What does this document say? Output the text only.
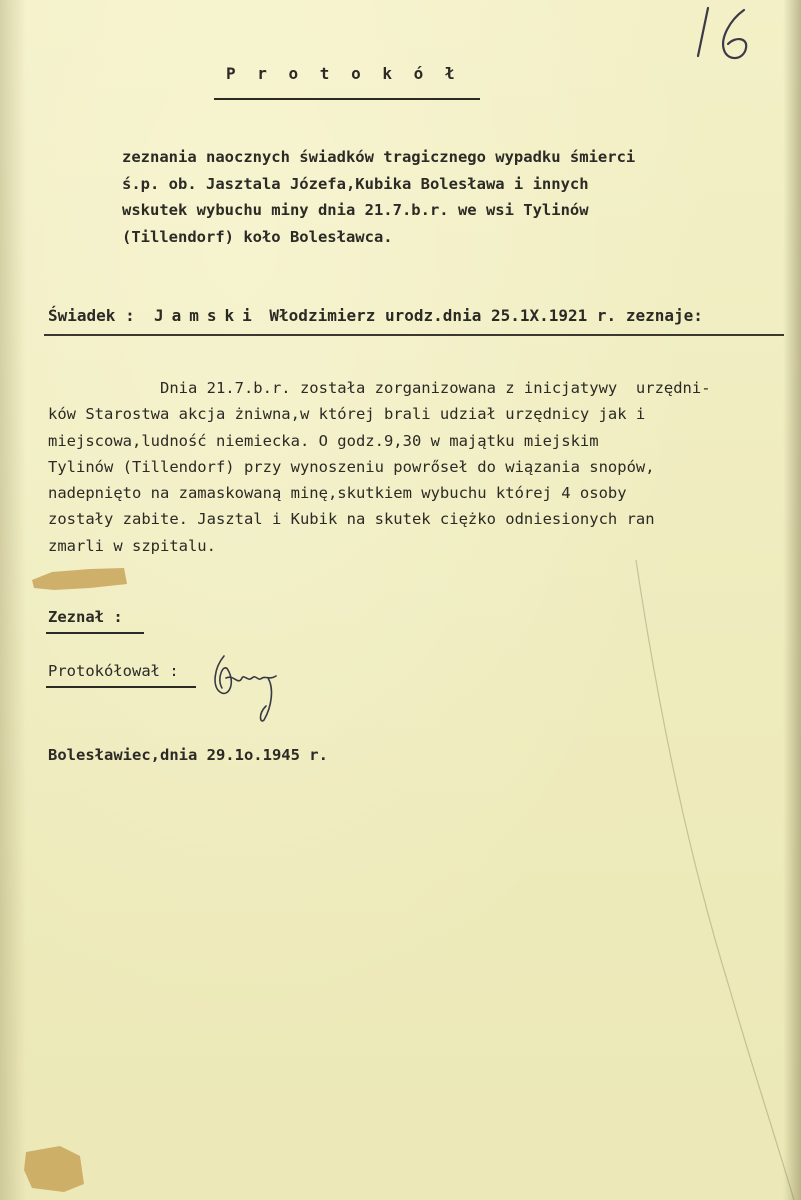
16
P r o t o k ó ł
zeznania naocznych świadków tragicznego wypadku śmierci
ś.p. ob. Jasztala Józefa,Kubika Bolesława i innych
wskutek wybuchu miny dnia 21.7.b.r. we wsi Tylinów
(Tillendorf) koło Bolesławca.
Świadek : Jamski Włodzimierz urodz.dnia 25.1X.1921 r. zeznaje:
Dnia 21.7.b.r. została zorganizowana z inicjatywy  urzędni-
ków Starostwa akcja żniwna,w której brali udział urzędnicy jak i
miejscowa,ludność niemiecka. O godz.9,30 w majątku miejskim
Tylinów (Tillendorf) przy wynoszeniu powrőseł do wiązania snopów,
nadepnięto na zamaskowaną minę,skutkiem wybuchu której 4 osoby
zostały zabite. Jasztal i Kubik na skutek ciężko odniesionych ran
zmarli w szpitalu.
Zeznał :
Protokółował :
Bolesławiec,dnia 29.1o.1945 r.
